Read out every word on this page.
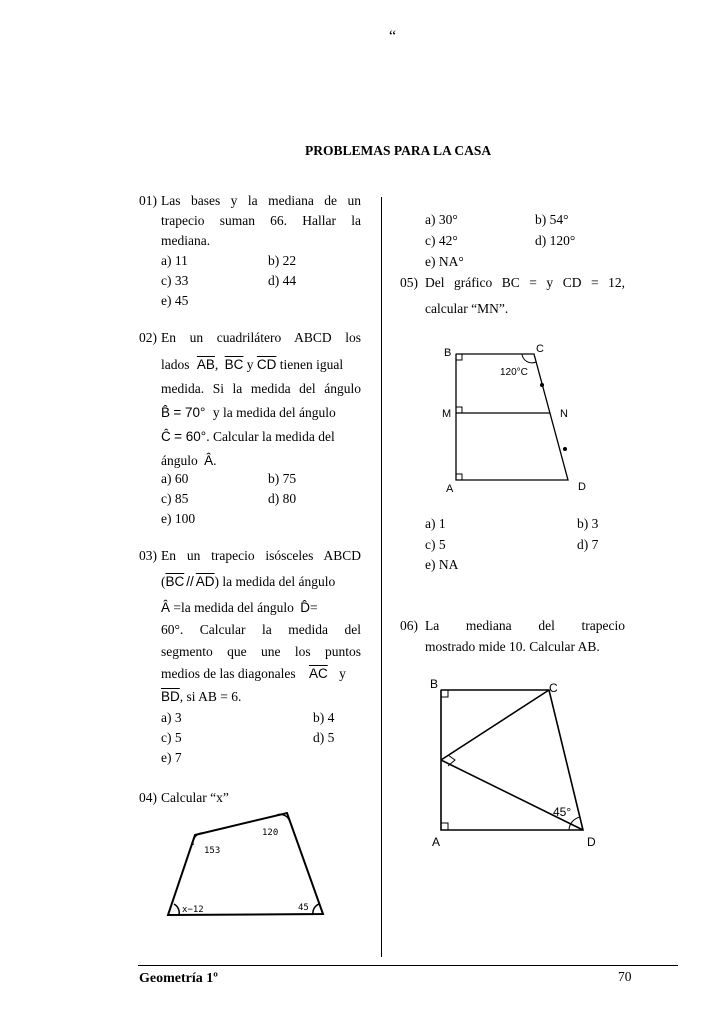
“
PROBLEMAS PARA LA CASA
01) Las bases y la mediana de un
trapecio suman 66. Hallar la
mediana.
a) 11	b) 22
c) 33	d) 44
e) 45
02) En un cuadrilátero ABCD los
lados $\overline{AB}$, $\overline{BC}$ y $\overline{CD}$ tienen igual
medida. Si la medida del ángulo
B̂ = 70° y la medida del ángulo
Ĉ = 60°. Calcular la medida del
ángulo Â.
a) 60	b) 75
c) 85	d) 80
e) 100
03) En un trapecio isósceles ABCD
$(\overline{BC} // \overline{AD})$ la medida del ángulo
Â =la medida del ángulo D̂=
60°. Calcular la medida del
segmento que une los puntos
medios de las diagonales $\overline{AC}$ y
$\overline{BD}$, si AB = 6.
a) 3	b) 4
c) 5	d) 5
e) 7
04) Calcular “x”
120
153
x−12	45
a) 30°	b) 54°
c) 42°	d) 120°
e) NA°
05) Del gráfico BC = y CD = 12,
calcular “MN”.
B	C
120°C
M	N
A	D
a) 1	b) 3
c) 5	d) 7
e) NA
06) La mediana del trapecio
mostrado mide 10. Calcular AB.
B	C
A	D
45°
Geometría 1º	70
